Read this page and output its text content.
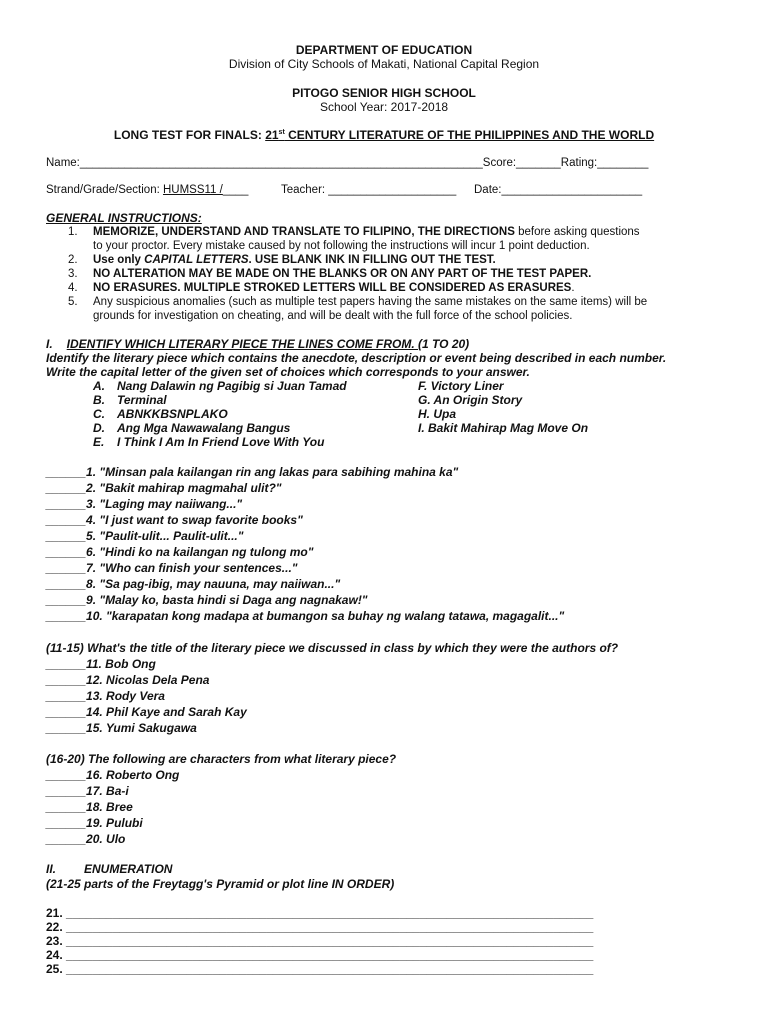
DEPARTMENT OF EDUCATION
Division of City Schools of Makati, National Capital Region
PITOGO SENIOR HIGH SCHOOL
School Year: 2017-2018
LONG TEST FOR FINALS: 21st CENTURY LITERATURE OF THE PHILIPPINES AND THE WORLD
Name:_______________________________________________________________Score:_______Rating:________
Strand/Grade/Section: HUMSS11 /____	Teacher: ____________________ Date:______________________
GENERAL INSTRUCTIONS:
1. MEMORIZE, UNDERSTAND AND TRANSLATE TO FILIPINO, THE DIRECTIONS before asking questions
to your proctor. Every mistake caused by not following the instructions will incur 1 point deduction.
2. Use only CAPITAL LETTERS. USE BLANK INK IN FILLING OUT THE TEST.
3. NO ALTERATION MAY BE MADE ON THE BLANKS OR ON ANY PART OF THE TEST PAPER.
4. NO ERASURES. MULTIPLE STROKED LETTERS WILL BE CONSIDERED AS ERASURES.
5. Any suspicious anomalies (such as multiple test papers having the same mistakes on the same items) will be
grounds for investigation on cheating, and will be dealt with the full force of the school policies.
I. IDENTIFY WHICH LITERARY PIECE THE LINES COME FROM. (1 TO 20)
Identify the literary piece which contains the anecdote, description or event being described in each number.
Write the capital letter of the given set of choices which corresponds to your answer.
A. Nang Dalawin ng Pagibig si Juan Tamad
B. Terminal
C. ABNKKBSNPLAKO
D. Ang Mga Nawawalang Bangus
E. I Think I Am In Friend Love With You
F. Victory Liner
G. An Origin Story
H. Upa
I. Bakit Mahirap Mag Move On
______1. "Minsan pala kailangan rin ang lakas para sabihing mahina ka"
______2. "Bakit mahirap magmahal ulit?"
______3. "Laging may naiiwang..."
______4. "I just want to swap favorite books"
______5. "Paulit-ulit... Paulit-ulit..."
______6. "Hindi ko na kailangan ng tulong mo"
______7. "Who can finish your sentences..."
______8. "Sa pag-ibig, may nauuna, may naiiwan..."
______9. "Malay ko, basta hindi si Daga ang nagnakaw!"
______10. "karapatan kong madapa at bumangon sa buhay ng walang tatawa, magagalit..."
(11-15) What's the title of the literary piece we discussed in class by which they were the authors of?
______11. Bob Ong
______12. Nicolas Dela Pena
______13. Rody Vera
______14. Phil Kaye and Sarah Kay
______15. Yumi Sakugawa
(16-20) The following are characters from what literary piece?
______16. Roberto Ong
______17. Ba-i
______18. Bree
______19. Pulubi
______20. Ulo
II. ENUMERATION
(21-25 parts of the Freytagg's Pyramid or plot line IN ORDER)
21. _______________________________________________________________________________
22. _______________________________________________________________________________
23. _______________________________________________________________________________
24. _______________________________________________________________________________
25. _______________________________________________________________________________
